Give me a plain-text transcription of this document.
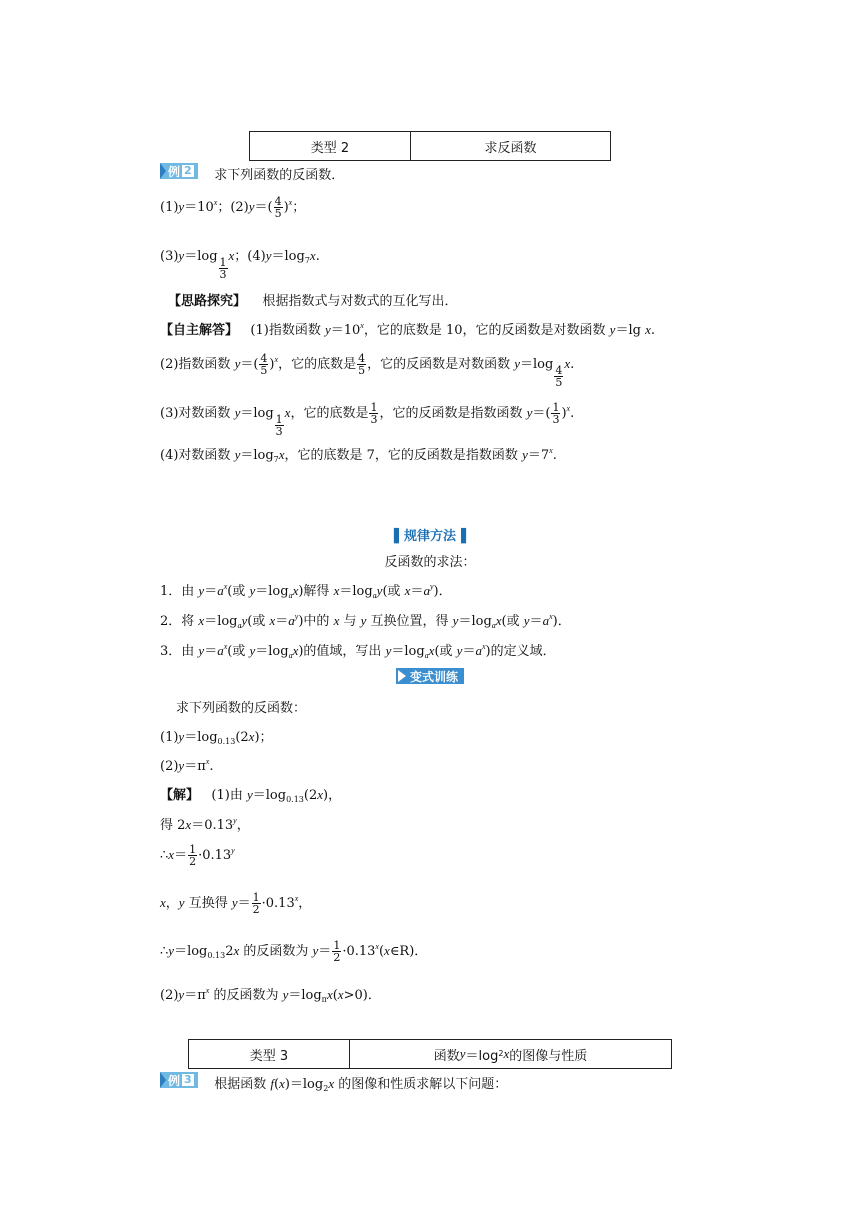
类型 2	求反函数
例 2 求下列函数的反函数．
$(1)y=10^x$；$(2)y=( \frac{4}{5} )^x$；
(3)y＝log
$\frac{1}{3}$
x；$(4)y=\log_7x$.
【思路探究】 根据指数式与对数式的互化写出．
【自主解答】   (1)指数函数 $y=10^x$，它的底数是 10，它的反函数是对数函数 y＝lg x.
(2)指数函数 $y=( \frac{4}{5} )^x$，它的底数是 $\frac{4}{5}$ ，它的反函数是对数函数 y＝log
$\frac{4}{5}$
x.
(3)对数函数 y＝log
$\frac{1}{3}$
x，它的底数是 $\frac{1}{3}$ ，它的反函数是指数函数 $y=( \frac{1}{3} )^x$.
(4)对数函数 $y=\log_7x$，它的底数是 7，它的反函数是指数函数 $y=7^x$.
▌规律方法▐
反函数的求法：
1．由 $y=a^x$(或 $y=\log_ax$)解得 $x=\log_ay$(或 $x=a^y$)．
2．将 $x=\log_ay$(或 $x=a^y$)中的 x 与 y 互换位置，得 $y=\log_ax$(或 $y=a^x$)．
3．由 $y=a^x$(或 $y=\log_ax$)的值域，写出 $y=\log_ax$(或 $y=a^x$)的定义域．
变式训练
求下列函数的反函数：
$(1)y=\log_{0.13}(2x)$；
$(2)y=\pi^x$.
【解】   (1)由 $y=\log_{0.13}(2x)$，
得 $2x=0.13^y$，
∴x＝ $\frac{1}{2} \cdot 0.13^y$
x，y 互换得 $y= \frac{1}{2} \cdot 0.13^x$，
$\therefore y=\log_{0.13}2x$ 的反函数为 $y= \frac{1}{2}$ $\cdot 0.13^x(x\in R)$．
$(2)y=\pi^x$ 的反函数为 $y=\log_\pi x(x>0)$．
类型 3	函数 y ＝log 2 x 的图像与性质
例 3 根据函数 $f(x)=\log_2x$ 的图像和性质求解以下问题：
